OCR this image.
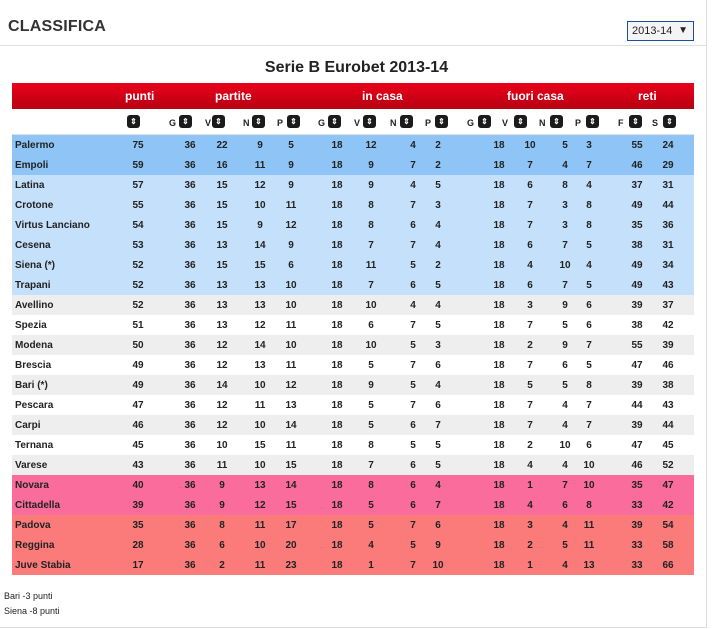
CLASSIFICA	2013-14 ▼
Serie B Eurobet 2013-14
punti	partite	in casa	fuori casa	reti
⇕	G ⇕	V ⇕	N ⇕	P ⇕	G ⇕	V ⇕	N ⇕	P ⇕	G ⇕	V	⇕	N ⇕	P	⇕	F	⇕	S	⇕
Palermo	75	36	22	9	5	18	12	4	2	18	10	5	3	55	24
Empoli	59	36	16	11	9	18	9	7	2	18	7	4	7	46	29
Latina	57	36	15	12	9	18	9	4	5	18	6	8	4	37	31
Crotone	55	36	15	10	11	18	8	7	3	18	7	3	8	49	44
Virtus Lanciano	54	36	15	9	12	18	8	6	4	18	7	3	8	35	36
Cesena	53	36	13	14	9	18	7	7	4	18	6	7	5	38	31
Siena (*)	52	36	15	15	6	18	11	5	2	18	4	10	4	49	34
Trapani	52	36	13	13	10	18	7	6	5	18	6	7	5	49	43
Avellino	52	36	13	13	10	18	10	4	4	18	3	9	6	39	37
Spezia	51	36	13	12	11	18	6	7	5	18	7	5	6	38	42
Modena	50	36	12	14	10	18	10	5	3	18	2	9	7	55	39
Brescia	49	36	12	13	11	18	5	7	6	18	7	6	5	47	46
Bari (*)	49	36	14	10	12	18	9	5	4	18	5	5	8	39	38
Pescara	47	36	12	11	13	18	5	7	6	18	7	4	7	44	43
Carpi	46	36	12	10	14	18	5	6	7	18	7	4	7	39	44
Ternana	45	36	10	15	11	18	8	5	5	18	2	10	6	47	45
Varese	43	36	11	10	15	18	7	6	5	18	4	4	10	46	52
Novara	40	36	9	13	14	18	8	6	4	18	1	7	10	35	47
Cittadella	39	36	9	12	15	18	5	6	7	18	4	6	8	33	42
Padova	35	36	8	11	17	18	5	7	6	18	3	4	11	39	54
Reggina	28	36	6	10	20	18	4	5	9	18	2	5	11	33	58
Juve Stabia	17	36	2	11	23	18	1	7	10	18	1	4	13	33	66
Bari -3 punti
Siena -8 punti
